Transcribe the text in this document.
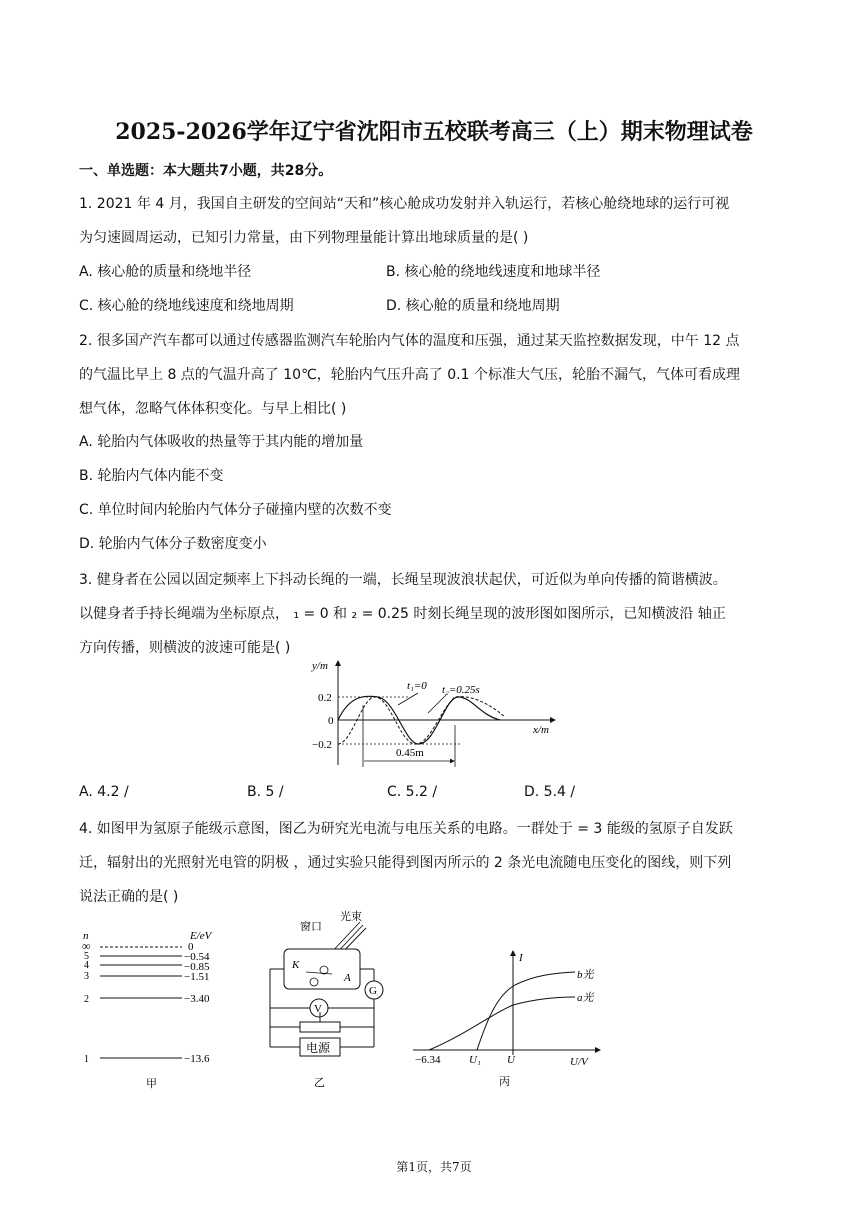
2025-2026学年辽宁省沈阳市五校联考高三（上）期末物理试卷
一、单选题：本大题共7小题，共28分。
1. 2021 年 4 月，我国自主研发的空间站“天和”核心舱成功发射并入轨运行，若核心舱绕地球的运行可视
为匀速圆周运动，已知引力常量，由下列物理量能计算出地球质量的是( )
A. 核心舱的质量和绕地半径	B. 核心舱的绕地线速度和地球半径
C. 核心舱的绕地线速度和绕地周期	D. 核心舱的质量和绕地周期
2. 很多国产汽车都可以通过传感器监测汽车轮胎内气体的温度和压强，通过某天监控数据发现，中午 12 点
的气温比早上 8 点的气温升高了 10℃，轮胎内气压升高了 0.1 个标准大气压，轮胎不漏气，气体可看成理
想气体，忽略气体体积变化。与早上相比( )
A. 轮胎内气体吸收的热量等于其内能的增加量
B. 轮胎内气体内能不变
C. 单位时间内轮胎内气体分子碰撞内壁的次数不变
D. 轮胎内气体分子数密度变小
3. 健身者在公园以固定频率上下抖动长绳的一端，长绳呈现波浪状起伏，可近似为单向传播的简谐横波。
以健身者手持长绳端为坐标原点， ₁ = 0 和 ₂ = 0.25 时刻长绳呈现的波形图如图所示，已知横波沿 轴正
方向传播，则横波的波速可能是( )
y/m
x/m
0.2
0
−0.2
0.45m
t₁=0 t₂=0.25s
A. 4.2 /	B. 5 /	C. 5.2 /	D. 5.4 /
4. 如图甲为氢原子能级示意图，图乙为研究光电流与电压关系的电路。一群处于 = 3 能级的氢原子自发跃
迁，辐射出的光照射光电管的阴极 ，通过实验只能得到图丙所示的 2 条光电流随电压变化的图线，则下列
说法正确的是( )
n	E/eV
∞	0
5	−0.54
4	−0.85
3	−1.51
2	−3.40
1	−13.6
甲
窗口
光束
K
A
G
V
电源
乙
I
U/V
−6.34	U₁ U
b光
a光
丙
第1页，共7页
